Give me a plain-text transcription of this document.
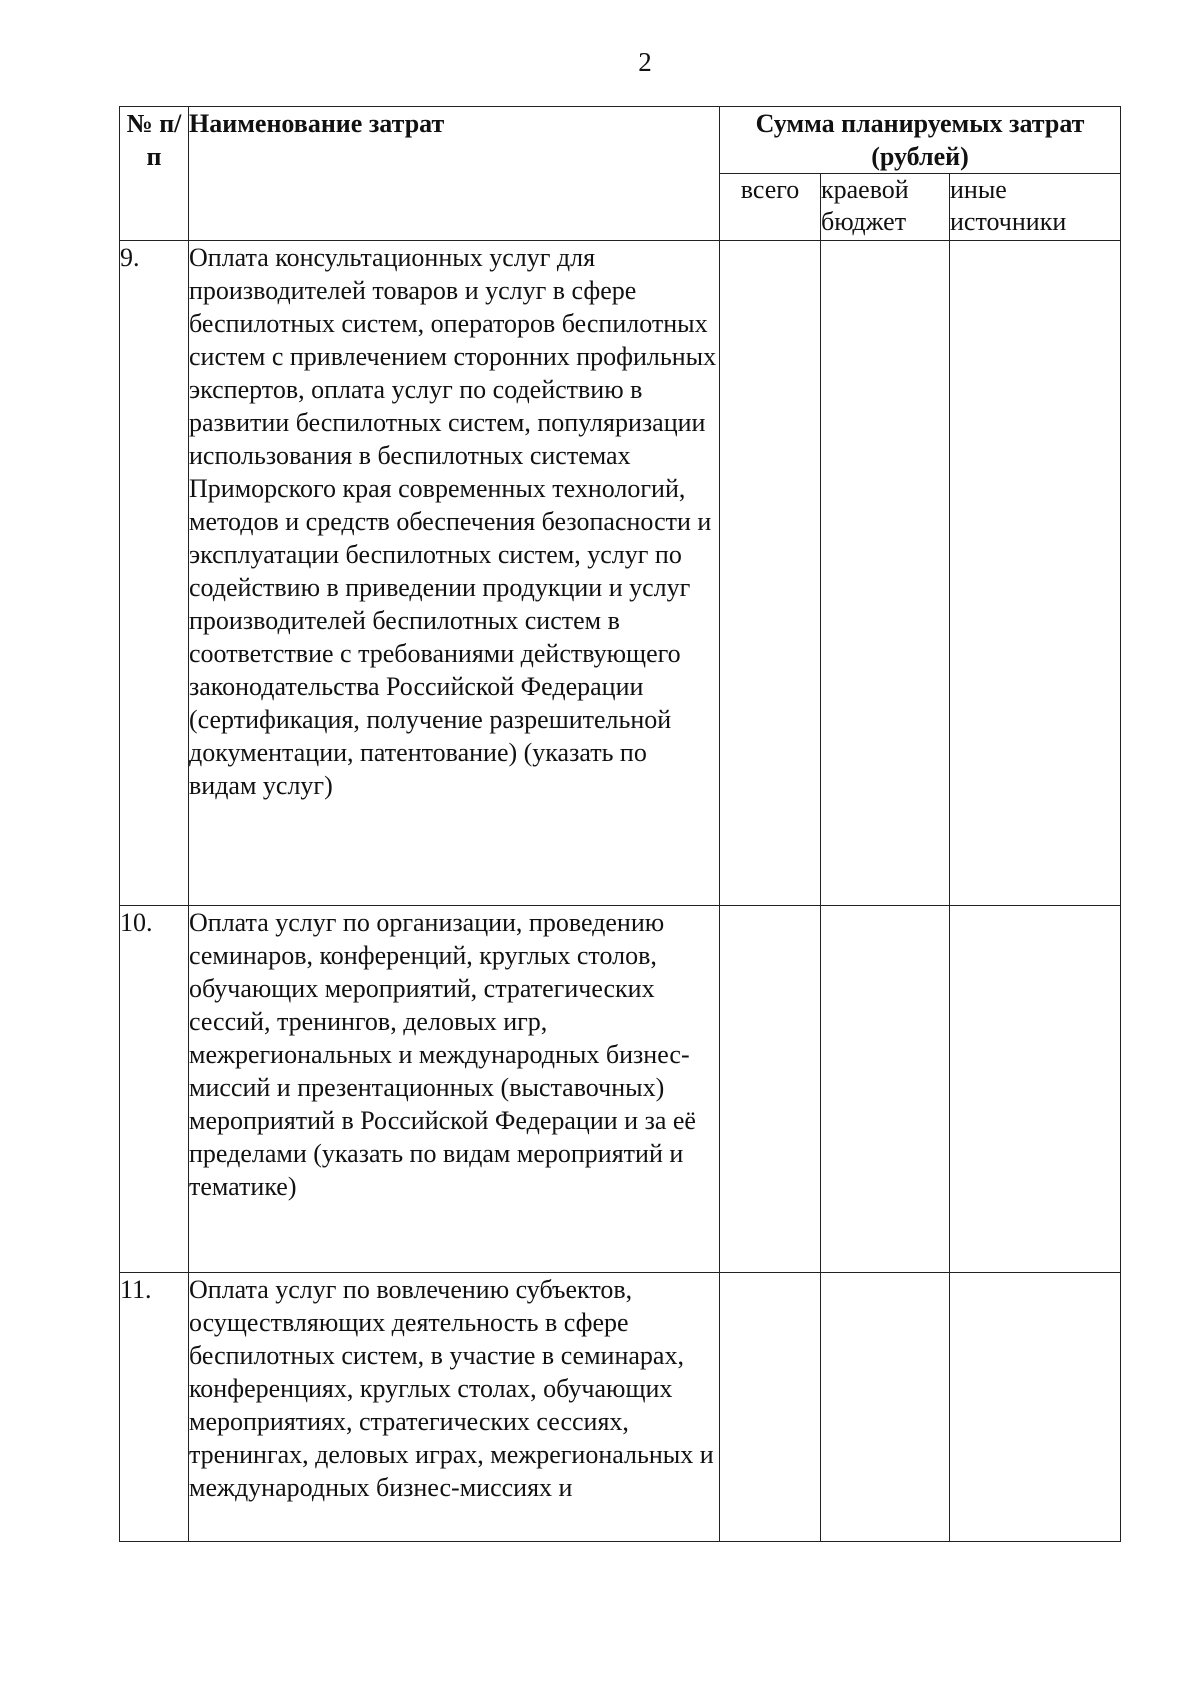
2
№ п/п	Наименование затрат	Сумма планируемых затрат (рублей)		
		всего	краевой бюджет	иные источники
9.	Оплата консультационных услуг для производителей товаров и услуг в сфере беспилотных систем, операторов беспилотных систем с привлечением сторонних профильных экспертов, оплата услуг по содействию в развитии беспилотных систем, популяризации использования в беспилотных системах Приморского края современных технологий, методов и средств обеспечения безопасности и эксплуатации беспилотных систем, услуг по содействию в приведении продукции и услуг производителей беспилотных систем в соответствие с требованиями действующего законодательства Российской Федерации (сертификация, получение разрешительной документации, патентование) (указать по видам услуг)			
10.	Оплата услуг по организации, проведению семинаров, конференций, круглых столов, обучающих мероприятий, стратегических сессий, тренингов, деловых игр, межрегиональных и международных бизнес-миссий и презентационных (выставочных) мероприятий в Российской Федерации и за её пределами (указать по видам мероприятий и тематике)			
11.	Оплата услуг по вовлечению субъектов, осуществляющих деятельность в сфере беспилотных систем, в участие в семинарах, конференциях, круглых столах, обучающих мероприятиях, стратегических сессиях, тренингах, деловых играх, межрегиональных и международных бизнес-миссиях и			
